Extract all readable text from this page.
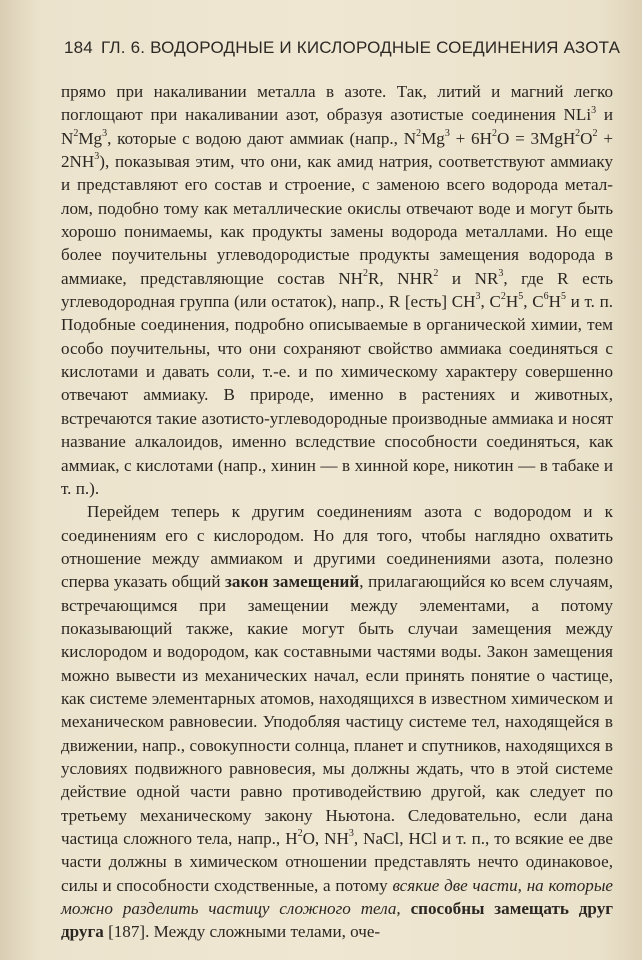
184 ГЛ. 6. ВОДОРОДНЫЕ И КИСЛОРОДНЫЕ СОЕДИНЕНИЯ АЗОТА

прямо при накаливании металла в азоте. Так, литий и магний легко поглощают при накаливании азот, образуя азотистые соединения NLi$^3$ и $N^2Mg^3$, которые с водою дают аммиак (напр., $N^2Mg^3 + 6H^2O = 3MgH^2O^2 + 2NH^3$), показывая этим, что они, как амид натрия, соответствуют аммиаку и представляют его состав и строение, с заменою всего водорода металлом, подобно тому как металлические окислы отвечают воде и могут быть хорошо понимаемы, как продукты замены водорода металлами. Но еще более поучительны углеводородистые продукты замещения водорода в аммиаке, представляющие состав $NH^2R$, NHR$^2$ и $NR^3$, где R есть углеводородная группа (или остаток), напр., R [есть] $CH^3$, $C^2H^5$, $C^6H^5$ и т. п. Подобные соединения, подробно описываемые в органической химии, тем особо поучительны, что они сохраняют свойство аммиака соединяться с кислотами и давать соли, т.-е. и по химическому характеру совершенно отвечают аммиаку. В природе, именно в растениях и животных, встречаются такие азотисто-углеводородные производные аммиака и носят название алкалоидов, именно вследствие способности соединяться, как аммиак, с кислотами (напр., хинин — в хинной коре, никотин — в табаке и т. п.).

Перейдем теперь к другим соединениям азота с водородом и к соединениям его с кислородом. Но для того, чтобы наглядно охватить отношение между аммиаком и другими соединениями азота, полезно сперва указать общий закон замещений, прилагающийся ко всем случаям, встречающимся при замещении между элементами, а потому показывающий также, какие могут быть случаи замещения между кислородом и водородом, как составными частями воды. Закон замещения можно вывести из механических начал, если принять понятие о частице, как системе элементарных атомов, находящихся в известном химическом и механическом равновесии. Уподобляя частицу системе тел, находящейся в движении, напр., совокупности солнца, планет и спутников, находящихся в условиях подвижного равновесия, мы должны ждать, что в этой системе действие одной части равно противодействию другой, как следует по третьему механическому закону Ньютона. Следовательно, если дана частица сложного тела, напр., $H^2O$, $NH^3$, NaCl, HCl и т. п., то всякие ее две части должны в химическом отношении представлять нечто одинаковое, силы и способности сходственные, а потому всякие две части, на которые можно разделить частицу сложного тела, способны замещать друг друга [187]. Между сложными телами, оче-
